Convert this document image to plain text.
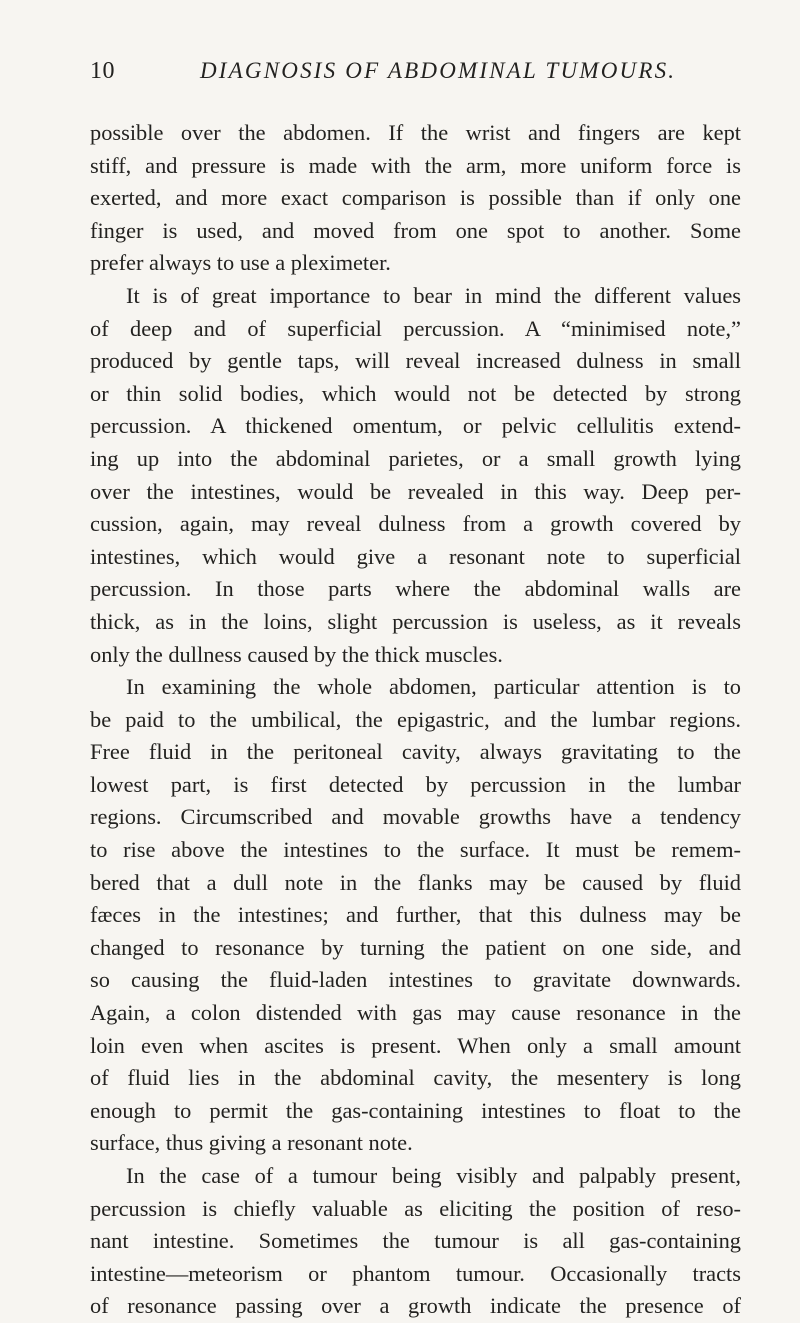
10	DIAGNOSIS OF ABDOMINAL TUMOURS.
possible over the abdomen. If the wrist and fingers are kept
stiff, and pressure is made with the arm, more uniform force is
exerted, and more exact comparison is possible than if only one
finger is used, and moved from one spot to another. Some
prefer always to use a pleximeter.
It is of great importance to bear in mind the different values
of deep and of superficial percussion. A “minimised note,”
produced by gentle taps, will reveal increased dulness in small
or thin solid bodies, which would not be detected by strong
percussion. A thickened omentum, or pelvic cellulitis extend-
ing up into the abdominal parietes, or a small growth lying
over the intestines, would be revealed in this way. Deep per-
cussion, again, may reveal dulness from a growth covered by
intestines, which would give a resonant note to superficial
percussion. In those parts where the abdominal walls are
thick, as in the loins, slight percussion is useless, as it reveals
only the dullness caused by the thick muscles.
In examining the whole abdomen, particular attention is to
be paid to the umbilical, the epigastric, and the lumbar regions.
Free fluid in the peritoneal cavity, always gravitating to the
lowest part, is first detected by percussion in the lumbar
regions. Circumscribed and movable growths have a tendency
to rise above the intestines to the surface. It must be remem-
bered that a dull note in the flanks may be caused by fluid
fæces in the intestines; and further, that this dulness may be
changed to resonance by turning the patient on one side, and
so causing the fluid-laden intestines to gravitate downwards.
Again, a colon distended with gas may cause resonance in the
loin even when ascites is present. When only a small amount
of fluid lies in the abdominal cavity, the mesentery is long
enough to permit the gas-containing intestines to float to the
surface, thus giving a resonant note.
In the case of a tumour being visibly and palpably present,
percussion is chiefly valuable as eliciting the position of reso-
nant intestine. Sometimes the tumour is all gas-containing
intestine—meteorism or phantom tumour. Occasionally tracts
of resonance passing over a growth indicate the presence of
